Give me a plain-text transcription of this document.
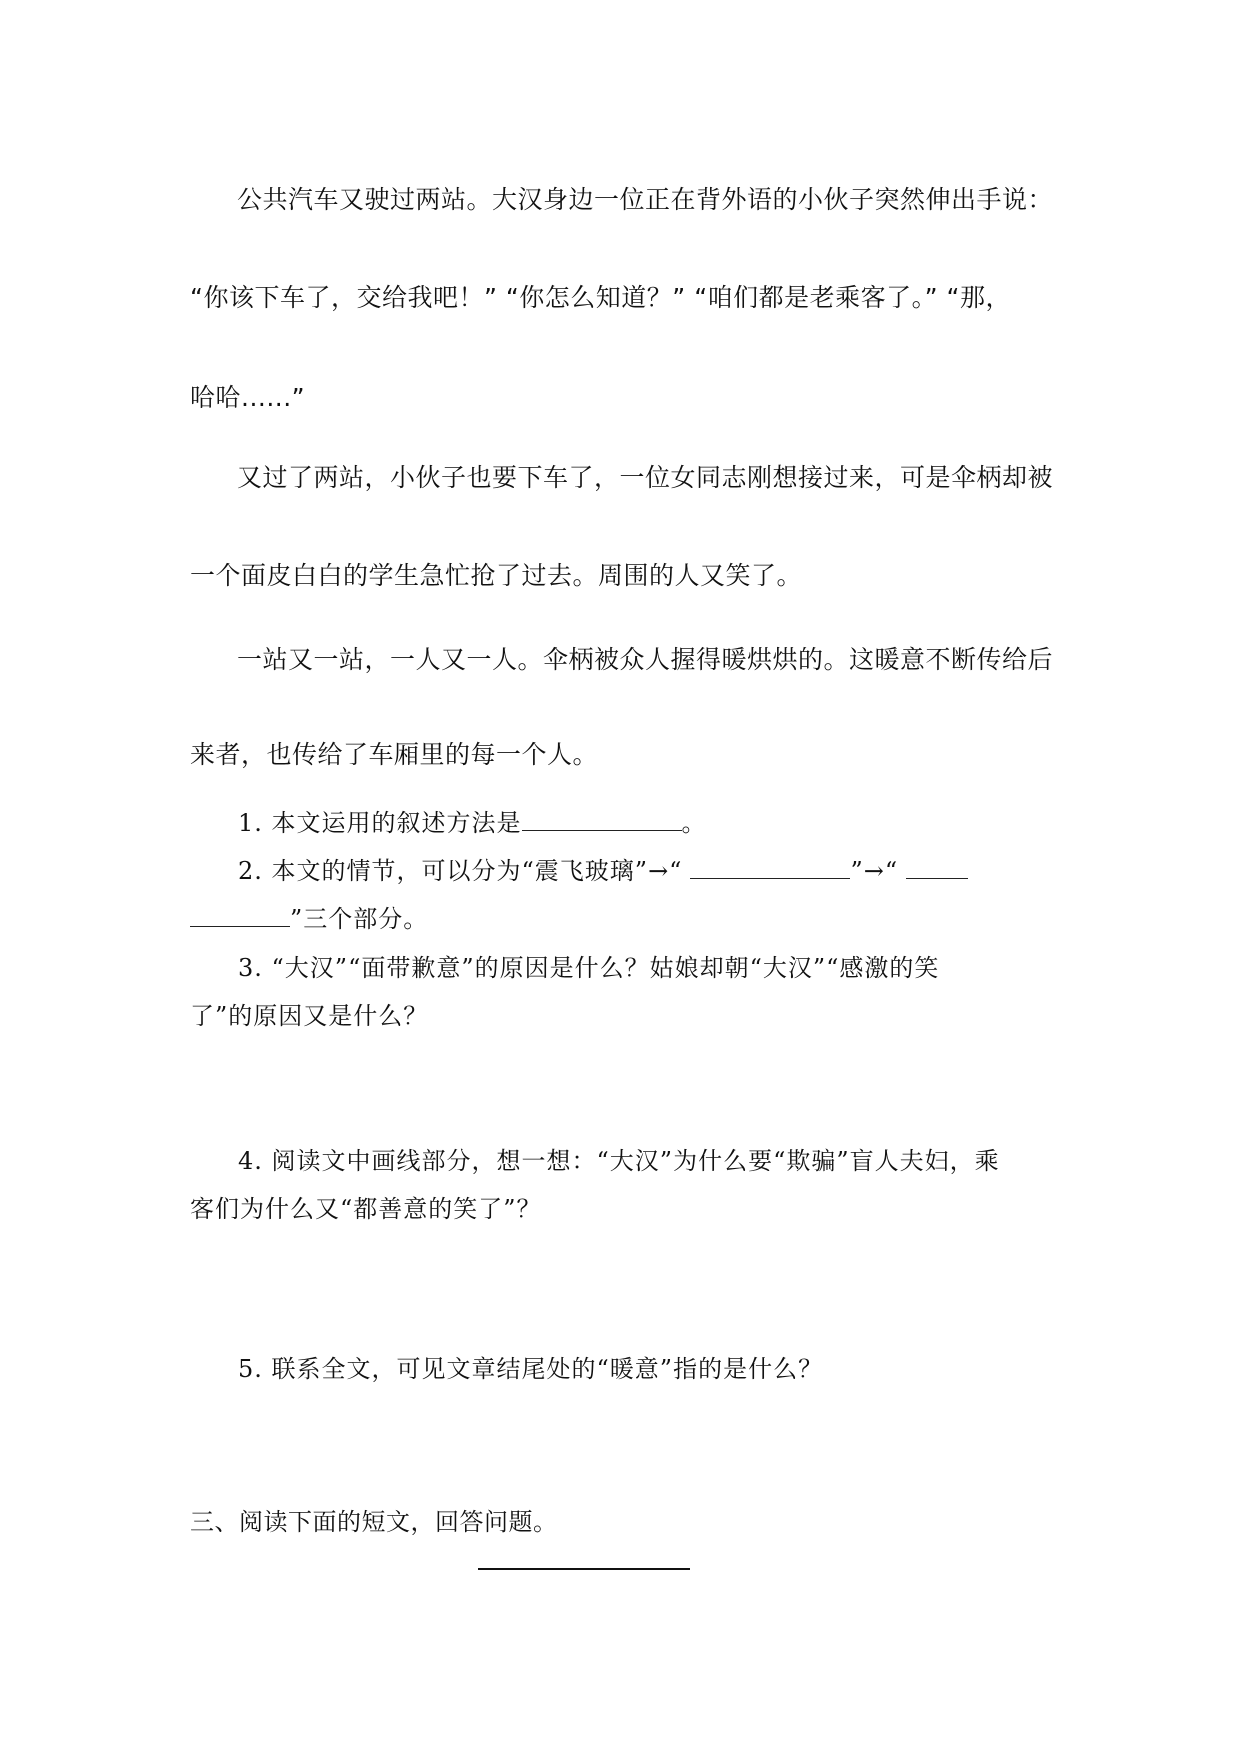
公共汽车又驶过两站。大汉身边一位正在背外语的小伙子突然伸出手说：

“你该下车了，交给我吧！” “你怎么知道？” “咱们都是老乘客了。” “那，

哈哈......”

又过了两站，小伙子也要下车了，一位女同志刚想接过来，可是伞柄却被

一个面皮白白的学生急忙抢了过去。周围的人又笑了。

一站又一站，一人又一人。伞柄被众人握得暖烘烘的。这暖意不断传给后

来者，也传给了车厢里的每一个人。

1. 本文运用的叙述方法是	。

2. 本文的情节，可以分为“震飞玻璃”→“	”→“

”三个部分。

3. “大汉”“面带歉意”的原因是什么？姑娘却朝“大汉”“感激的笑

了”的原因又是什么？

4. 阅读文中画线部分，想一想：“大汉”为什么要“欺骗”盲人夫妇，乘

客们为什么又“都善意的笑了”？

5. 联系全文，可见文章结尾处的“暖意”指的是什么？

三、阅读下面的短文，回答问题。
